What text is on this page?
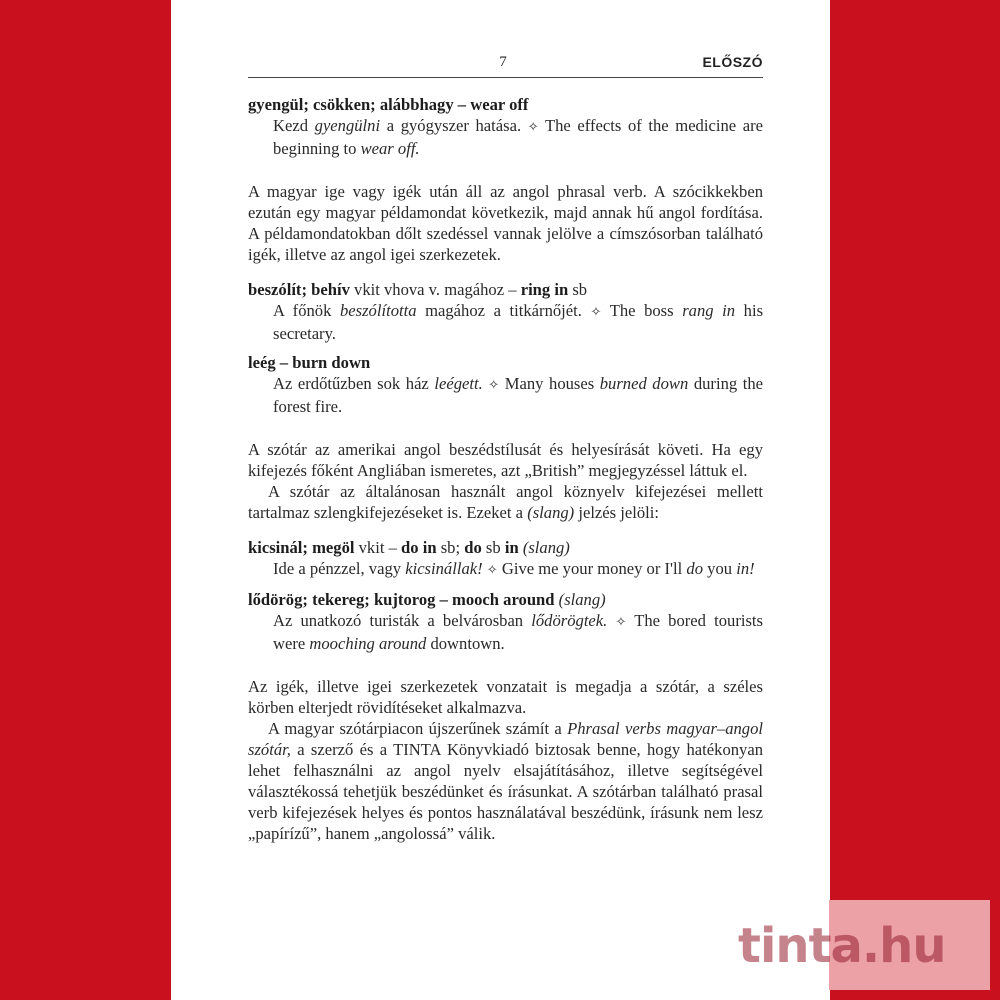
7	ELŐSZÓ
gyengül; csökken; alábbhagy – wear off
Kezd gyengülni a gyógyszer hatása. ✧ The effects of the medicine are beginning to wear off.

A magyar ige vagy igék után áll az angol phrasal verb. A szócikkekben ezután egy magyar példamondat következik, majd annak hű angol fordítása. A példamondatokban dőlt szedéssel vannak jelölve a címszósorban található igék, illetve az angol igei szerkezetek.

beszólít; behív vkit vhova v. magához – ring in sb
A főnök beszólította magához a titkárnőjét. ✧ The boss rang in his secretary.
leég – burn down
Az erdőtűzben sok ház leégett. ✧ Many houses burned down during the forest fire.

A szótár az amerikai angol beszédstílusát és helyesírását követi. Ha egy kifejezés főként Angliában ismeretes, azt „British” megjegyzéssel láttuk el.

A szótár az általánosan használt angol köznyelv kifejezései mellett tartalmaz szlengkifejezéseket is. Ezeket a (slang) jelzés jelöli:

kicsinál; megöl vkit – do in sb; do sb in (slang)
Ide a pénzzel, vagy kicsinállak! ✧ Give me your money or I'll do you in!
lődörög; tekereg; kujtorog – mooch around (slang)
Az unatkozó turisták a belvárosban lődörögtek. ✧ The bored tourists were mooching around downtown.

Az igék, illetve igei szerkezetek vonzatait is megadja a szótár, a széles körben elterjedt rövidítéseket alkalmazva.

A magyar szótárpiacon újszerűnek számít a Phrasal verbs magyar–angol szótár, a szerző és a TINTA Könyvkiadó biztosak benne, hogy hatékonyan lehet felhasználni az angol nyelv elsajátításához, illetve segítségével választékossá tehetjük beszédünket és írásunkat. A szótárban található prasal verb kifejezések helyes és pontos használatával beszédünk, írásunk nem lesz „papírízű”, hanem „angolossá” válik.

tinta.hu
